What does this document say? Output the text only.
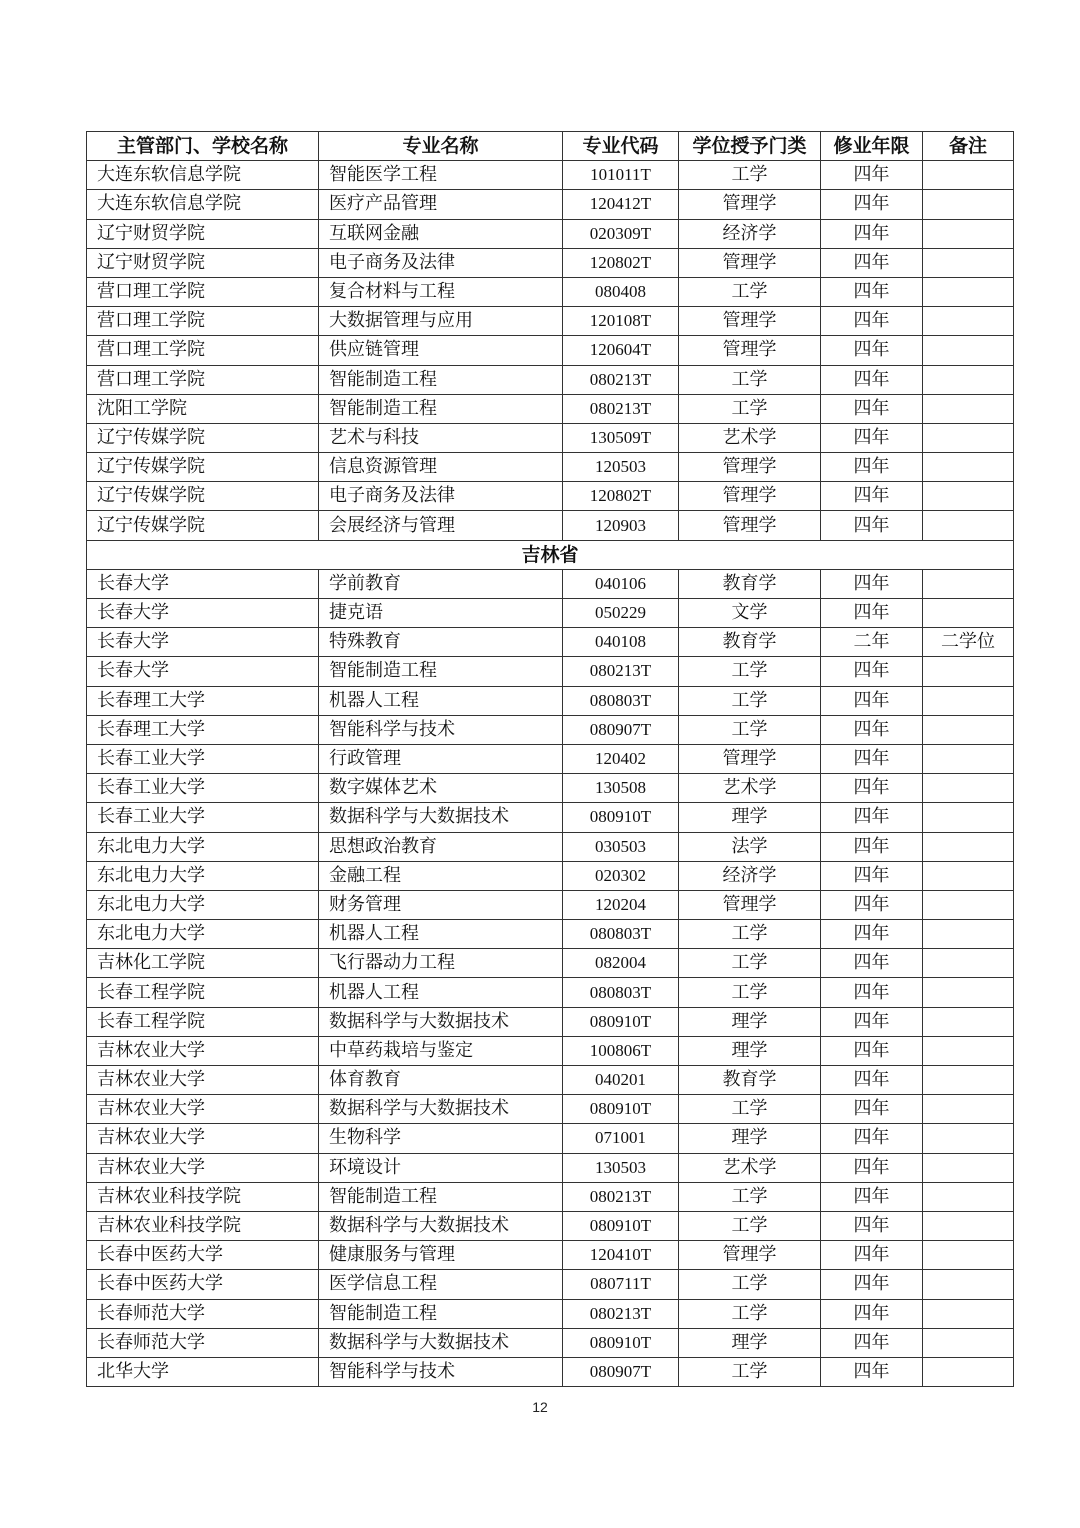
主管部门、学校名称	专业名称	专业代码	学位授予门类	修业年限	备注
大连东软信息学院	智能医学工程	101011T	工学	四年	
大连东软信息学院	医疗产品管理	120412T	管理学	四年	
辽宁财贸学院	互联网金融	020309T	经济学	四年	
辽宁财贸学院	电子商务及法律	120802T	管理学	四年	
营口理工学院	复合材料与工程	080408	工学	四年	
营口理工学院	大数据管理与应用	120108T	管理学	四年	
营口理工学院	供应链管理	120604T	管理学	四年	
营口理工学院	智能制造工程	080213T	工学	四年	
沈阳工学院	智能制造工程	080213T	工学	四年	
辽宁传媒学院	艺术与科技	130509T	艺术学	四年	
辽宁传媒学院	信息资源管理	120503	管理学	四年	
辽宁传媒学院	电子商务及法律	120802T	管理学	四年	
辽宁传媒学院	会展经济与管理	120903	管理学	四年	
吉林省					
长春大学	学前教育	040106	教育学	四年	
长春大学	捷克语	050229	文学	四年	
长春大学	特殊教育	040108	教育学	二年	二学位
长春大学	智能制造工程	080213T	工学	四年	
长春理工大学	机器人工程	080803T	工学	四年	
长春理工大学	智能科学与技术	080907T	工学	四年	
长春工业大学	行政管理	120402	管理学	四年	
长春工业大学	数字媒体艺术	130508	艺术学	四年	
长春工业大学	数据科学与大数据技术	080910T	理学	四年	
东北电力大学	思想政治教育	030503	法学	四年	
东北电力大学	金融工程	020302	经济学	四年	
东北电力大学	财务管理	120204	管理学	四年	
东北电力大学	机器人工程	080803T	工学	四年	
吉林化工学院	飞行器动力工程	082004	工学	四年	
长春工程学院	机器人工程	080803T	工学	四年	
长春工程学院	数据科学与大数据技术	080910T	理学	四年	
吉林农业大学	中草药栽培与鉴定	100806T	理学	四年	
吉林农业大学	体育教育	040201	教育学	四年	
吉林农业大学	数据科学与大数据技术	080910T	工学	四年	
吉林农业大学	生物科学	071001	理学	四年	
吉林农业大学	环境设计	130503	艺术学	四年	
吉林农业科技学院	智能制造工程	080213T	工学	四年	
吉林农业科技学院	数据科学与大数据技术	080910T	工学	四年	
长春中医药大学	健康服务与管理	120410T	管理学	四年	
长春中医药大学	医学信息工程	080711T	工学	四年	
长春师范大学	智能制造工程	080213T	工学	四年	
长春师范大学	数据科学与大数据技术	080910T	理学	四年	
北华大学	智能科学与技术	080907T	工学	四年	
12
